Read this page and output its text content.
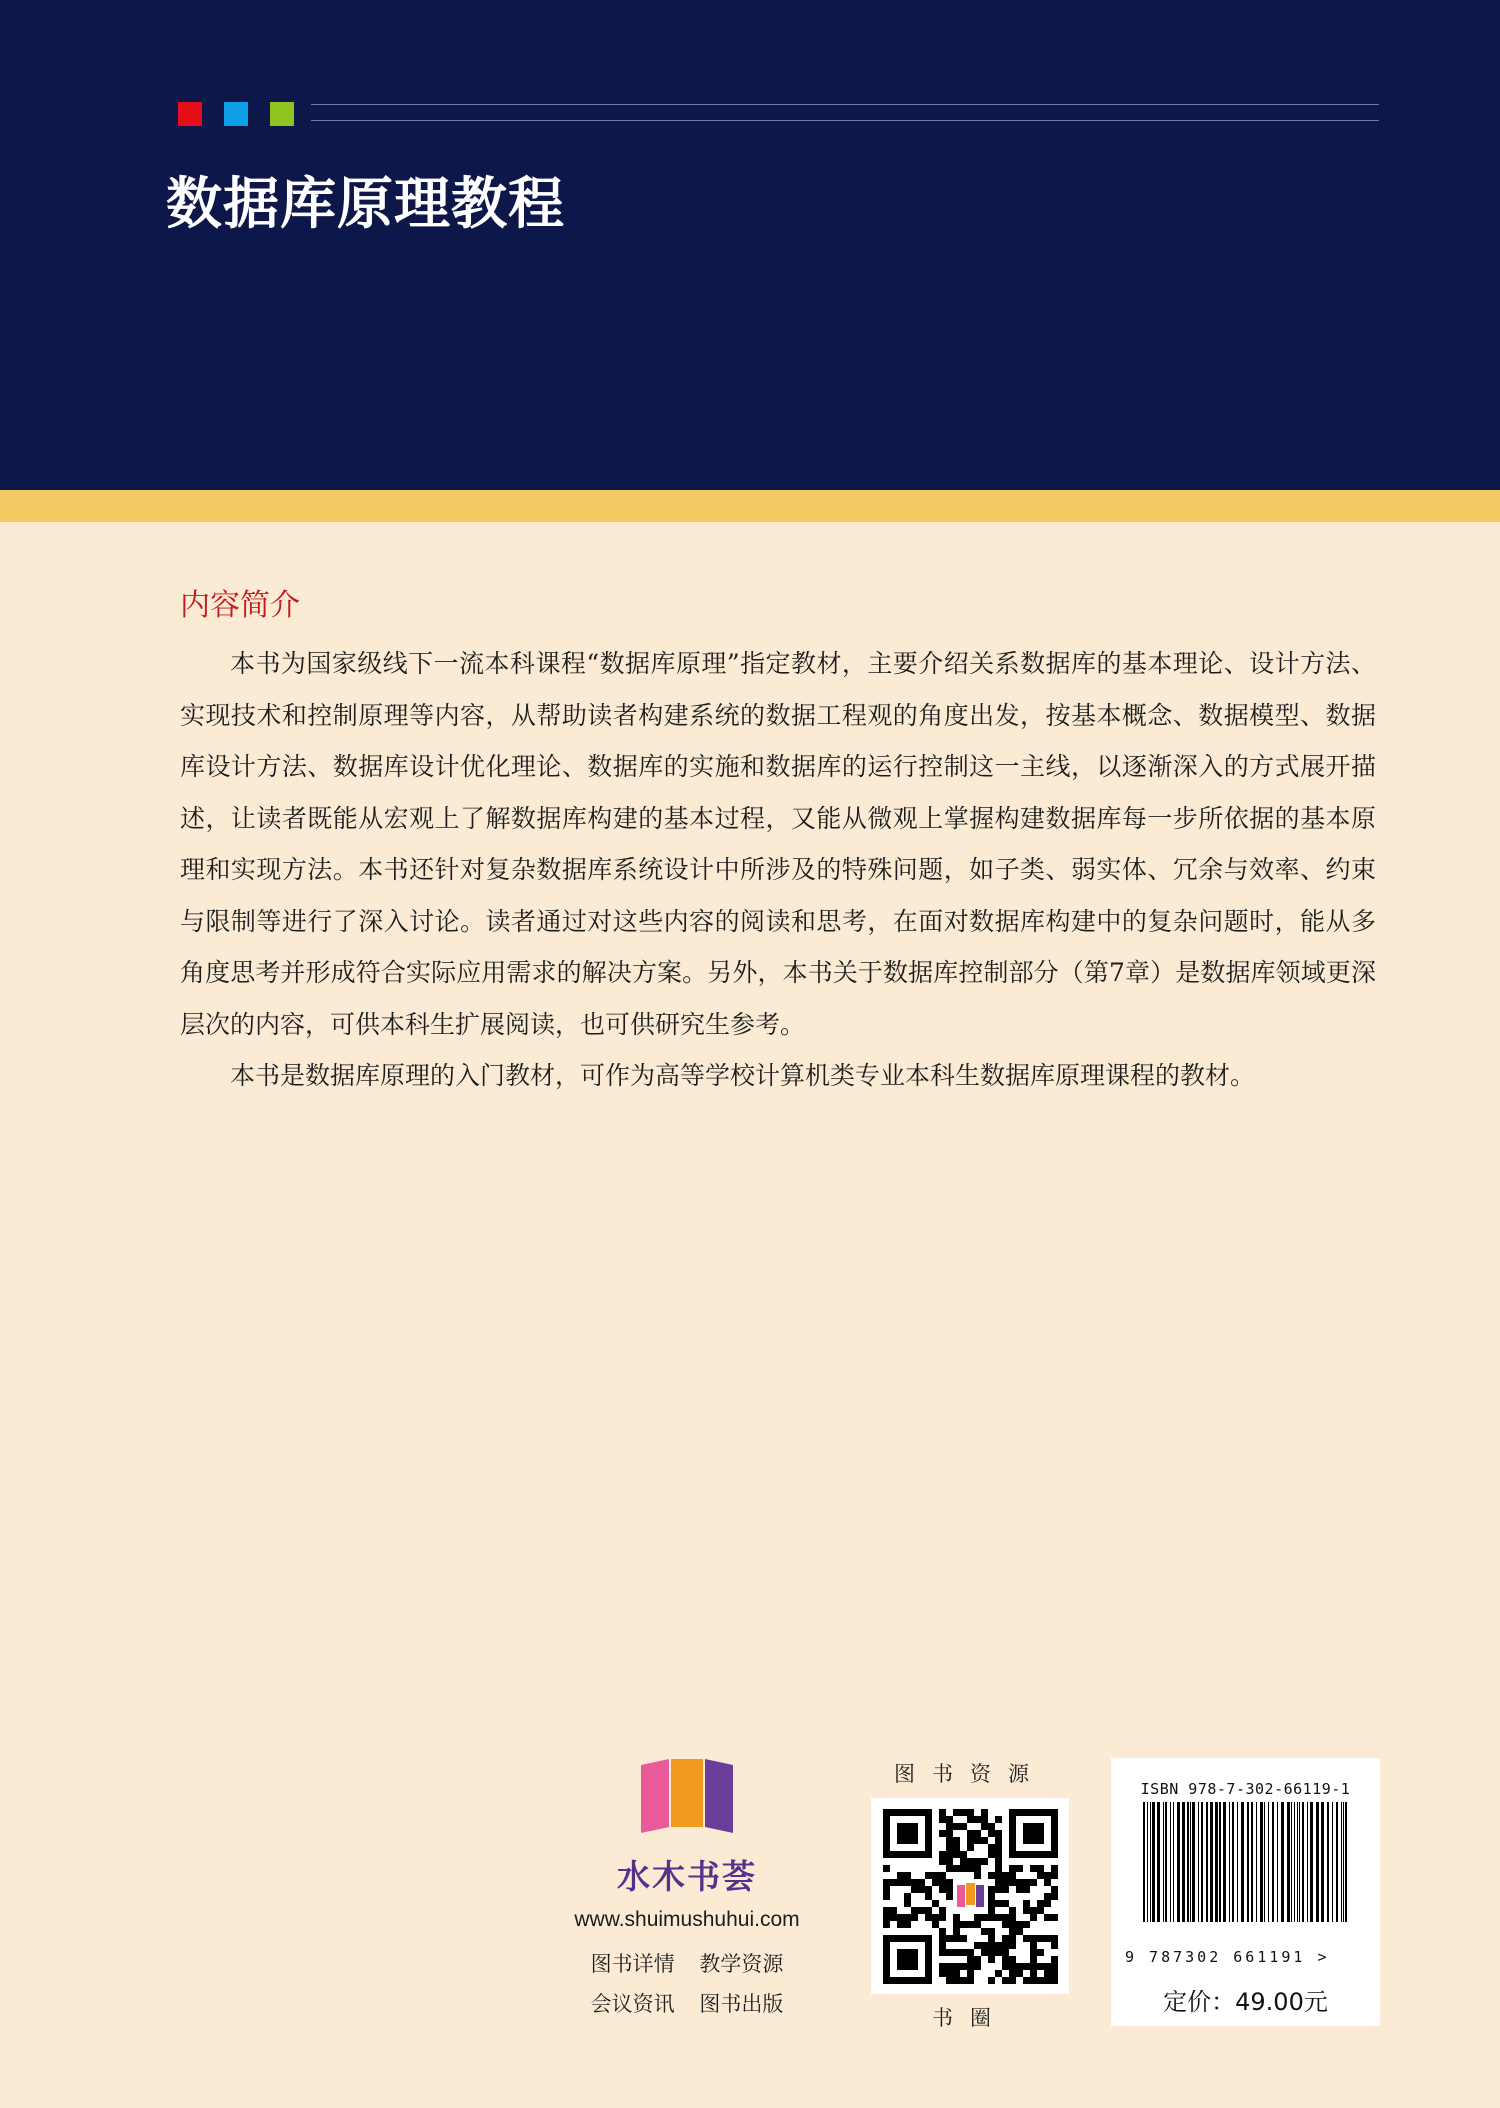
数据库原理教程
内容简介

本书为国家级线下一流本科课程“数据库原理”指定教材，主要介绍关系数据库的基本理论、设计方法、实现技术和控制原理等内容，从帮助读者构建系统的数据工程观的角度出发，按基本概念、数据模型、数据库设计方法、数据库设计优化理论、数据库的实施和数据库的运行控制这一主线，以逐渐深入的方式展开描述，让读者既能从宏观上了解数据库构建的基本过程，又能从微观上掌握构建数据库每一步所依据的基本原理和实现方法。本书还针对复杂数据库系统设计中所涉及的特殊问题，如子类、弱实体、冗余与效率、约束与限制等进行了深入讨论。读者通过对这些内容的阅读和思考，在面对数据库构建中的复杂问题时，能从多角度思考并形成符合实际应用需求的解决方案。另外，本书关于数据库控制部分（第7章）是数据库领域更深层次的内容，可供本科生扩展阅读，也可供研究生参考。

本书是数据库原理的入门教材，可作为高等学校计算机类专业本科生数据库原理课程的教材。

水木书荟
www.shuimushuhui.com
图书详情 教学资源
会议资讯 图书出版
图书资源
书圈
ISBN 978-7-302-66119-1
9 787302 661191 >
定价：49.00元
